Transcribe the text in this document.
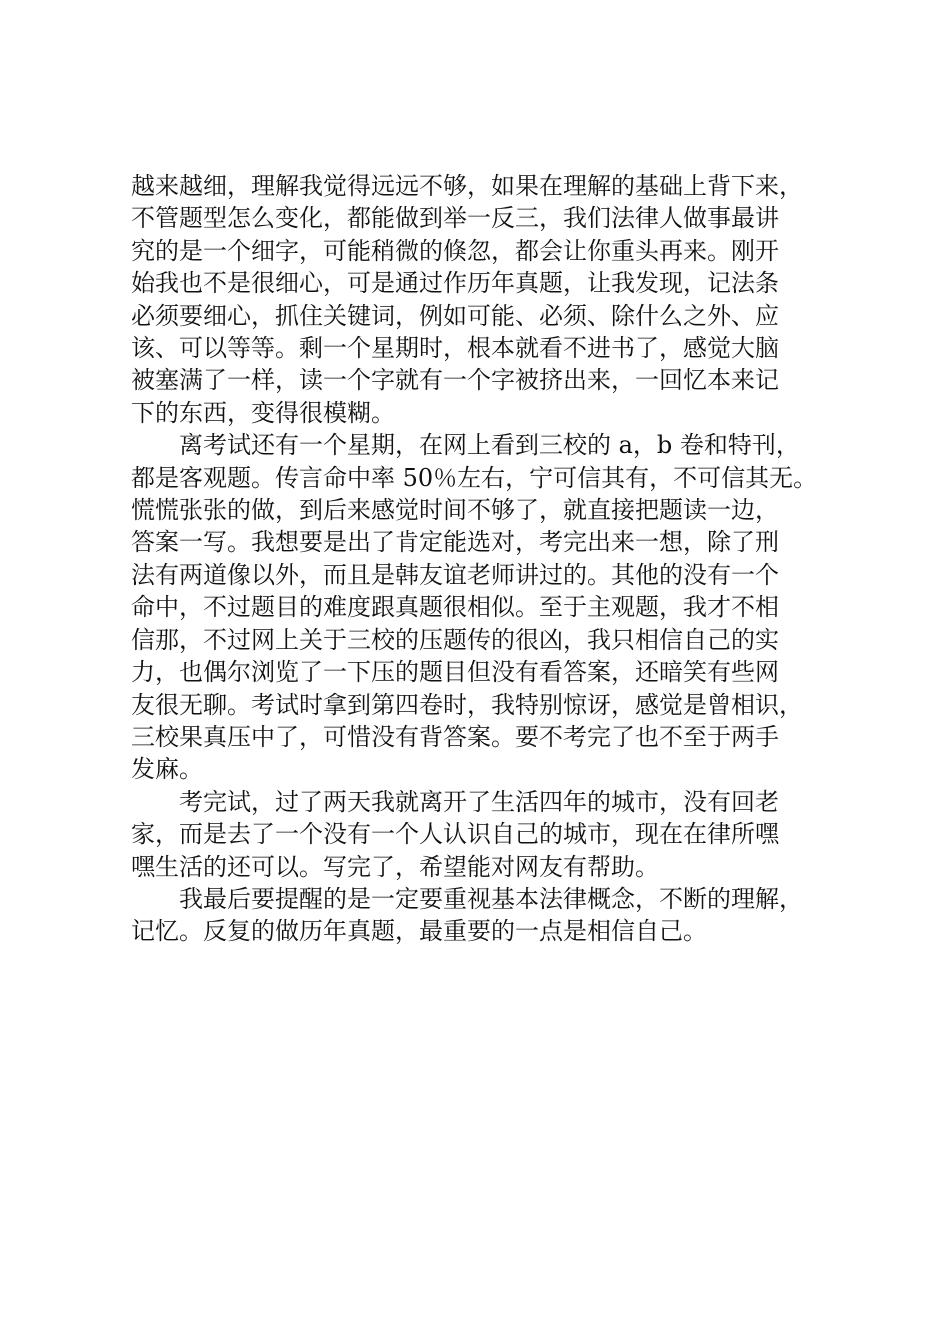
越来越细，理解我觉得远远不够，如果在理解的基础上背下来，
不管题型怎么变化，都能做到举一反三，我们法律人做事最讲
究的是一个细字，可能稍微的倏忽，都会让你重头再来。刚开
始我也不是很细心，可是通过作历年真题，让我发现，记法条
必须要细心，抓住关键词，例如可能、必须、除什么之外、应
该、可以等等。剩一个星期时，根本就看不进书了，感觉大脑
被塞满了一样，读一个字就有一个字被挤出来，一回忆本来记
下的东西，变得很模糊。
离考试还有一个星期，在网上看到三校的 a，b 卷和特刊，
都是客观题。传言命中率 50％左右，宁可信其有，不可信其无。
慌慌张张的做，到后来感觉时间不够了，就直接把题读一边，
答案一写。我想要是出了肯定能选对，考完出来一想，除了刑
法有两道像以外，而且是韩友谊老师讲过的。其他的没有一个
命中，不过题目的难度跟真题很相似。至于主观题，我才不相
信那，不过网上关于三校的压题传的很凶，我只相信自己的实
力，也偶尔浏览了一下压的题目但没有看答案，还暗笑有些网
友很无聊。考试时拿到第四卷时，我特别惊讶，感觉是曾相识，
三校果真压中了，可惜没有背答案。要不考完了也不至于两手
发麻。
考完试，过了两天我就离开了生活四年的城市，没有回老
家，而是去了一个没有一个人认识自己的城市，现在在律所嘿
嘿生活的还可以。写完了，希望能对网友有帮助。
我最后要提醒的是一定要重视基本法律概念，不断的理解，
记忆。反复的做历年真题，最重要的一点是相信自己。
